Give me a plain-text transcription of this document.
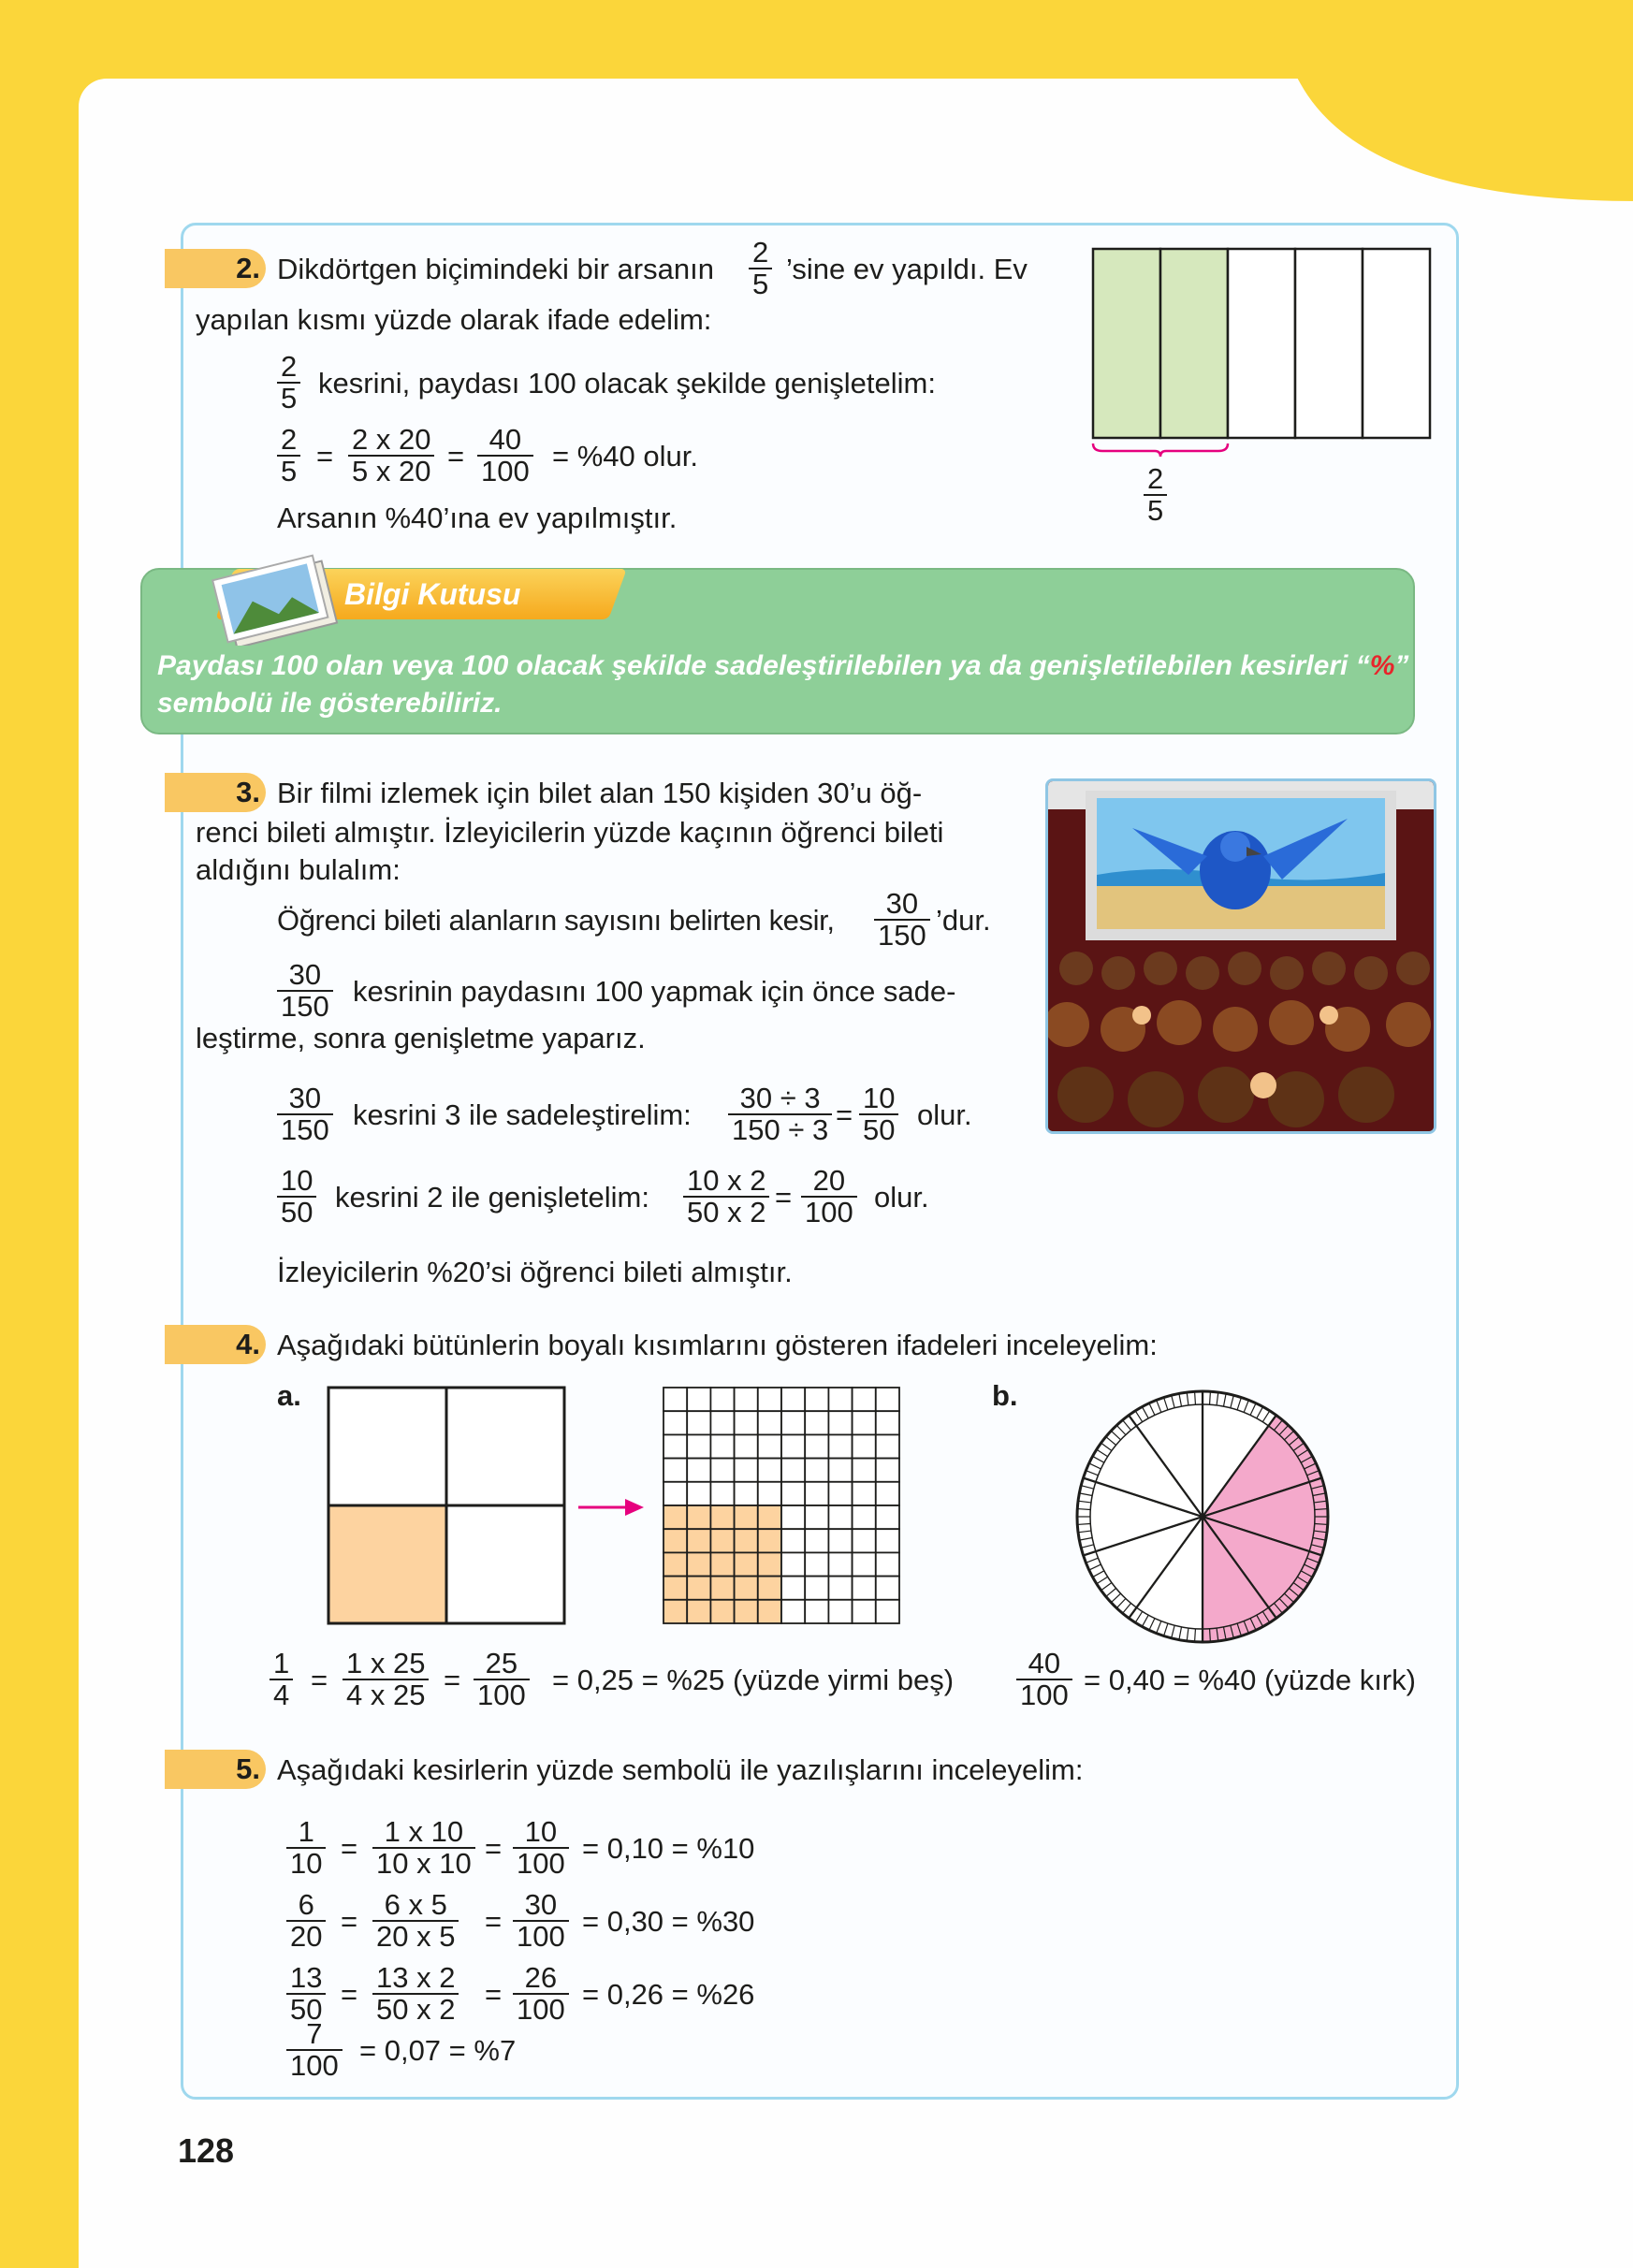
2. Dikdörtgen biçimindeki bir arsanın
2
5 ’sine ev yapıldı. Ev
yapılan kısmı yüzde olarak ifade edelim:
2
5 kesrini, paydası 100 olacak şekilde genişletelim:
2
5 =
2 x 20
5 x 20 =
40
100 = %40 olur.
Arsanın %40’ına ev yapılmıştır.
2
5
Bilgi Kutusu
Paydası 100 olan veya 100 olacak şekilde sadeleştirilebilen ya da genişletilebilen kesirleri “%” sembolü ile gösterebiliriz.
3. Bir filmi izlemek için bilet alan 150 kişiden 30’u öğ-
renci bileti almıştır. İzleyicilerin yüzde kaçının öğrenci bileti
aldığını bulalım:
Öğrenci bileti alanların sayısını belirten kesir,
30
150 ’dur.
30
150 kesrinin paydasını 100 yapmak için önce sade-
leştirme, sonra genişletme yaparız.
30
150 kesrini 3 ile sadeleştirelim:
30 ÷ 3
150 ÷ 3 =
10
50 olur.
10
50 kesrini 2 ile genişletelim:
10 x 2
50 x 2 =
20
100 olur.
İzleyicilerin %20’si öğrenci bileti almıştır.
4. Aşağıdaki bütünlerin boyalı kısımlarını gösteren ifadeleri inceleyelim:
a.	b.
1
4 =
1 x 25
4 x 25 =
25
100 = 0,25 = %25 (yüzde yirmi beş)
40
100 = 0,40 = %40 (yüzde kırk)
5. Aşağıdaki kesirlerin yüzde sembolü ile yazılışlarını inceleyelim:
1
10 =
1 x 10
10 x 10 =
10
100 = 0,10 = %10
6
20 =
6 x 5
20 x 5 =
30
100 = 0,30 = %30
13
50 =
13 x 2
50 x 2 =
26
100 = 0,26 = %26
7
100 = 0,07 = %7
128
